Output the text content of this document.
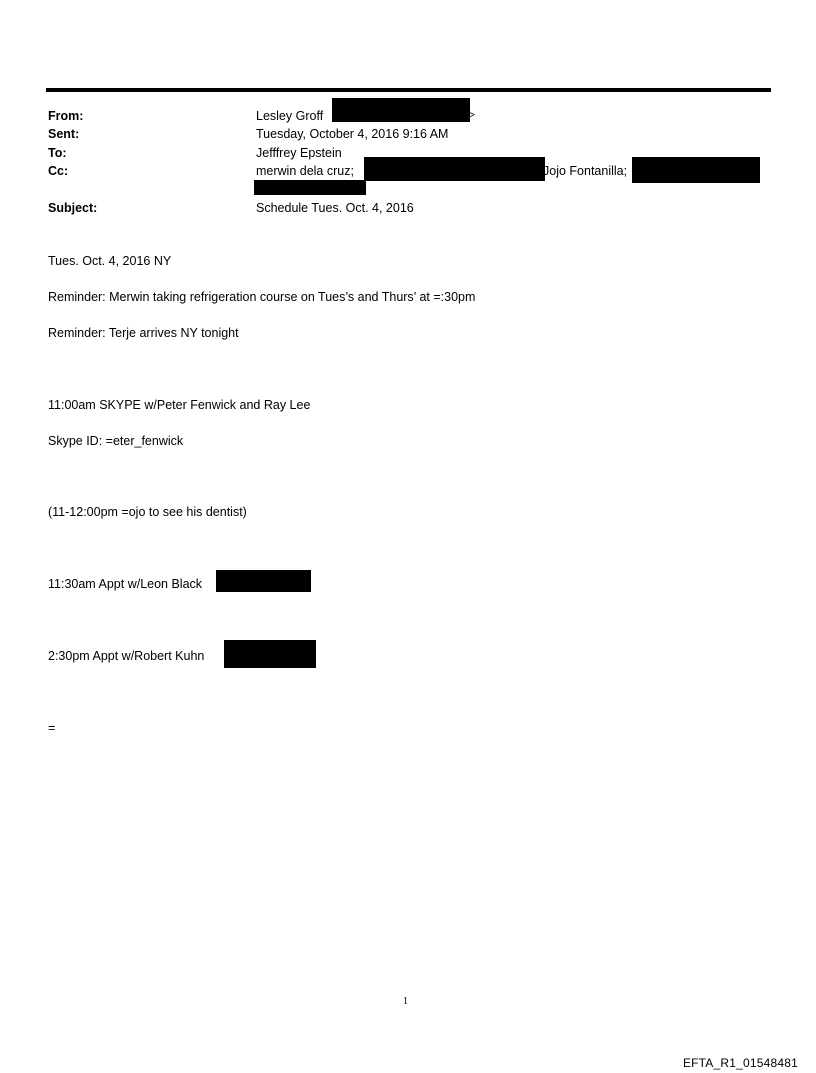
From:	Lesley Groff	>
Sent:	Tuesday, October 4, 2016 9:16 AM
To:	Jefffrey Epstein
Cc:	merwin dela cruz;	Jojo Fontanilla;
Subject:	Schedule Tues. Oct. 4, 2016
Tues. Oct. 4, 2016 NY
Reminder: Merwin taking refrigeration course on Tues’s and Thurs’ at =:30pm
Reminder: Terje arrives NY tonight
11:00am SKYPE w/Peter Fenwick and Ray Lee
Skype ID: =eter_fenwick
(11-12:00pm =ojo to see his dentist)
11:30am Appt w/Leon Black
2:30pm Appt w/Robert Kuhn
=
1
EFTA_R1_01548481
